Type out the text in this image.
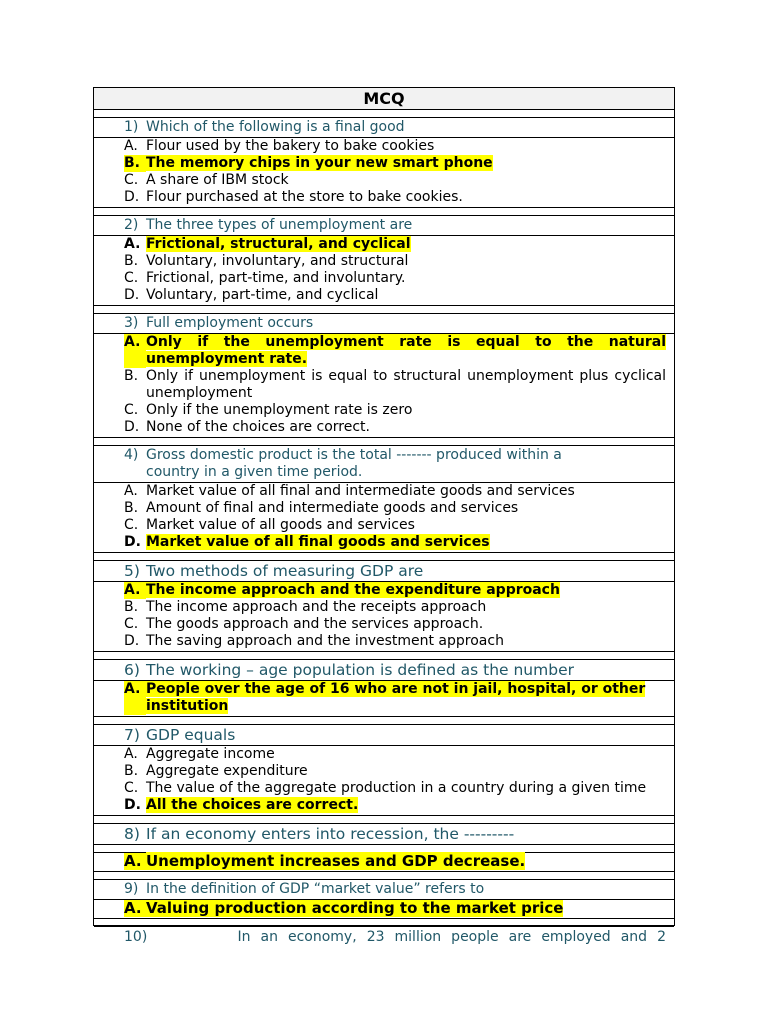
MCQ
1) Which of the following is a final good
A. Flour used by the bakery to bake cookies
B. The memory chips in your new smart phone
C. A share of IBM stock
D. Flour purchased at the store to bake cookies.
2) The three types of unemployment are
A. Frictional, structural, and cyclical
B. Voluntary, involuntary, and structural
C. Frictional, part-time, and involuntary.
D. Voluntary, part-time, and cyclical
3) Full employment occurs
A. Only if the unemployment rate is equal to the natural unemployment rate.
B. Only if unemployment is equal to structural unemployment plus cyclical unemployment
C. Only if the unemployment rate is zero
D. None of the choices are correct.
4) Gross domestic product is the total ------- produced within a
country in a given time period.
A. Market value of all final and intermediate goods and services
B. Amount of final and intermediate goods and services
C. Market value of all goods and services
D. Market value of all final goods and services
5) Two methods of measuring GDP are
A. The income approach and the expenditure approach
B. The income approach and the receipts approach
C. The goods approach and the services approach.
D. The saving approach and the investment approach
6) The working – age population is defined as the number
A. People over the age of 16 who are not in jail, hospital, or other institution
7) GDP equals
A. Aggregate income
B. Aggregate expenditure
C. The value of the aggregate production in a country during a given time
D. All the choices are correct.
8) If an economy enters into recession, the ---------
A. Unemployment increases and GDP decrease.
9) In the definition of GDP “market value” refers to
A. Valuing production according to the market price
10)	In an economy, 23 million people are employed and 2
